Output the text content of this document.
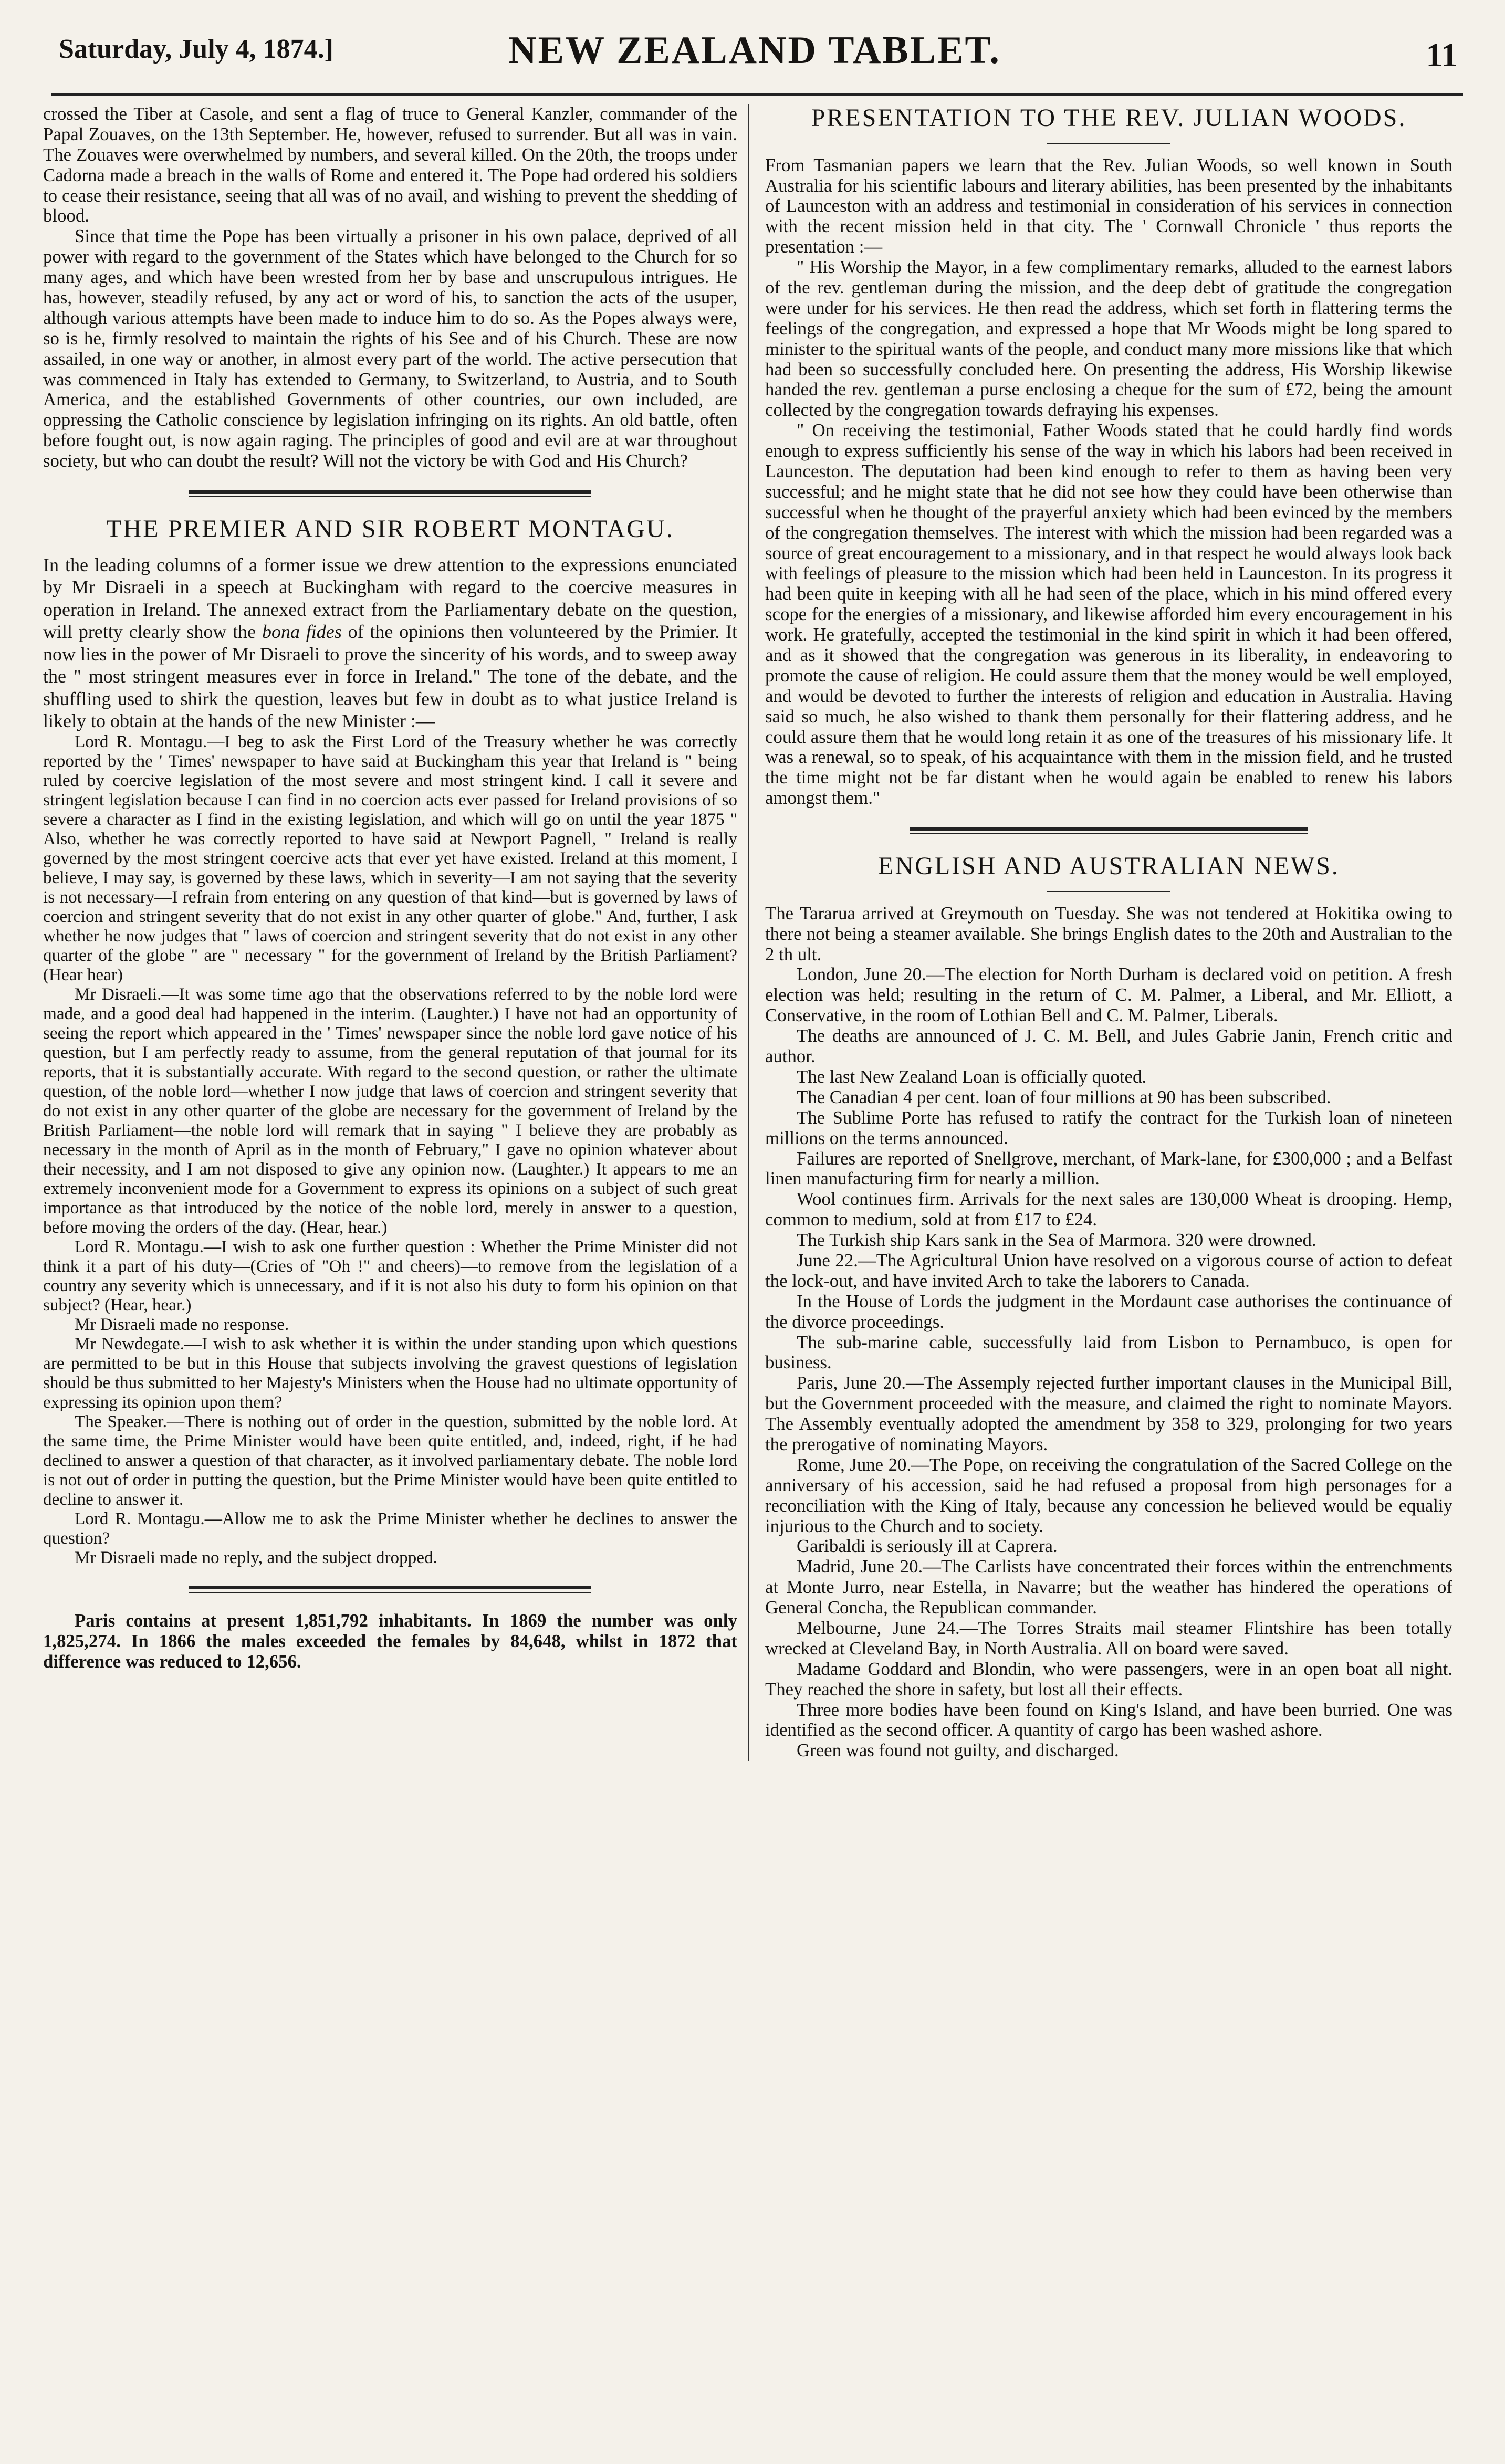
Saturday, July 4, 1874.]	NEW ZEALAND TABLET.	11

crossed the Tiber at Casole, and sent a flag of truce to General Kanzler, commander of the Papal Zouaves, on the 13th September. He, however, refused to surrender. But all was in vain. The Zouaves were overwhelmed by numbers, and several killed. On the 20th, the troops under Cadorna made a breach in the walls of Rome and entered it. The Pope had ordered his soldiers to cease their resistance, seeing that all was of no avail, and wishing to prevent the shedding of blood.

Since that time the Pope has been virtually a prisoner in his own palace, deprived of all power with regard to the government of the States which have belonged to the Church for so many ages, and which have been wrested from her by base and unscrupulous intrigues. He has, however, steadily refused, by any act or word of his, to sanction the acts of the usuper, although various attempts have been made to induce him to do so. As the Popes always were, so is he, firmly resolved to maintain the rights of his See and of his Church. These are now assailed, in one way or another, in almost every part of the world. The active persecution that was commenced in Italy has extended to Germany, to Switzerland, to Austria, and to South America, and the established Governments of other countries, our own included, are oppressing the Catholic conscience by legislation infringing on its rights. An old battle, often before fought out, is now again raging. The principles of good and evil are at war throughout society, but who can doubt the result? Will not the victory be with God and His Church?

THE PREMIER AND SIR ROBERT MONTAGU.

In the leading columns of a former issue we drew attention to the expressions enunciated by Mr Disraeli in a speech at Buckingham with regard to the coercive measures in operation in Ireland. The annexed extract from the Parliamentary debate on the question, will pretty clearly show the bona fides of the opinions then volunteered by the Primier. It now lies in the power of Mr Disraeli to prove the sincerity of his words, and to sweep away the " most stringent measures ever in force in Ireland." The tone of the debate, and the shuffling used to shirk the question, leaves but few in doubt as to what justice Ireland is likely to obtain at the hands of the new Minister :—

Lord R. Montagu.—I beg to ask the First Lord of the Treasury whether he was correctly reported by the ' Times' newspaper to have said at Buckingham this year that Ireland is " being ruled by coercive legislation of the most severe and most stringent kind. I call it severe and stringent legislation because I can find in no coercion acts ever passed for Ireland provisions of so severe a character as I find in the existing legislation, and which will go on until the year 1875 " Also, whether he was correctly reported to have said at Newport Pagnell, " Ireland is really governed by the most stringent coercive acts that ever yet have existed. Ireland at this moment, I believe, I may say, is governed by these laws, which in severity—I am not saying that the severity is not necessary—I refrain from entering on any question of that kind—but is governed by laws of coercion and stringent severity that do not exist in any other quarter of globe." And, further, I ask whether he now judges that " laws of coercion and stringent severity that do not exist in any other quarter of the globe " are " necessary " for the government of Ireland by the British Parliament? (Hear hear)

Mr Disraeli.—It was some time ago that the observations referred to by the noble lord were made, and a good deal had happened in the interim. (Laughter.) I have not had an opportunity of seeing the report which appeared in the ' Times' newspaper since the noble lord gave notice of his question, but I am perfectly ready to assume, from the general reputation of that journal for its reports, that it is substantially accurate. With regard to the second question, or rather the ultimate question, of the noble lord—whether I now judge that laws of coercion and stringent severity that do not exist in any other quarter of the globe are necessary for the government of Ireland by the British Parliament—the noble lord will remark that in saying " I believe they are probably as necessary in the month of April as in the month of February," I gave no opinion whatever about their necessity, and I am not disposed to give any opinion now. (Laughter.) It appears to me an extremely inconvenient mode for a Government to express its opinions on a subject of such great importance as that introduced by the notice of the noble lord, merely in answer to a question, before moving the orders of the day. (Hear, hear.)

Lord R. Montagu.—I wish to ask one further question : Whether the Prime Minister did not think it a part of his duty—(Cries of "Oh !" and cheers)—to remove from the legislation of a country any severity which is unnecessary, and if it is not also his duty to form his opinion on that subject? (Hear, hear.)

Mr Disraeli made no response.

Mr Newdegate.—I wish to ask whether it is within the under standing upon which questions are permitted to be but in this House that subjects involving the gravest questions of legislation should be thus submitted to her Majesty's Ministers when the House had no ultimate opportunity of expressing its opinion upon them?

The Speaker.—There is nothing out of order in the question, submitted by the noble lord. At the same time, the Prime Minister would have been quite entitled, and, indeed, right, if he had declined to answer a question of that character, as it involved parliamentary debate. The noble lord is not out of order in putting the question, but the Prime Minister would have been quite entitled to decline to answer it.

Lord R. Montagu.—Allow me to ask the Prime Minister whether he declines to answer the question?

Mr Disraeli made no reply, and the subject dropped.

Paris contains at present 1,851,792 inhabitants. In 1869 the number was only 1,825,274. In 1866 the males exceeded the females by 84,648, whilst in 1872 that difference was reduced to 12,656.

PRESENTATION TO THE REV. JULIAN WOODS.

From Tasmanian papers we learn that the Rev. Julian Woods, so well known in South Australia for his scientific labours and literary abilities, has been presented by the inhabitants of Launceston with an address and testimonial in consideration of his services in connection with the recent mission held in that city. The ' Cornwall Chronicle ' thus reports the presentation :—

" His Worship the Mayor, in a few complimentary remarks, alluded to the earnest labors of the rev. gentleman during the mission, and the deep debt of gratitude the congregation were under for his services. He then read the address, which set forth in flattering terms the feelings of the congregation, and expressed a hope that Mr Woods might be long spared to minister to the spiritual wants of the people, and conduct many more missions like that which had been so successfully concluded here. On presenting the address, His Worship likewise handed the rev. gentleman a purse enclosing a cheque for the sum of £72, being the amount collected by the congregation towards defraying his expenses.

" On receiving the testimonial, Father Woods stated that he could hardly find words enough to express sufficiently his sense of the way in which his labors had been received in Launceston. The deputation had been kind enough to refer to them as having been very successful; and he might state that he did not see how they could have been otherwise than successful when he thought of the prayerful anxiety which had been evinced by the members of the congregation themselves. The interest with which the mission had been regarded was a source of great encouragement to a missionary, and in that respect he would always look back with feelings of pleasure to the mission which had been held in Launceston. In its progress it had been quite in keeping with all he had seen of the place, which in his mind offered every scope for the energies of a missionary, and likewise afforded him every encouragement in his work. He gratefully, accepted the testimonial in the kind spirit in which it had been offered, and as it showed that the congregation was generous in its liberality, in endeavoring to promote the cause of religion. He could assure them that the money would be well employed, and would be devoted to further the interests of religion and education in Australia. Having said so much, he also wished to thank them personally for their flattering address, and he could assure them that he would long retain it as one of the treasures of his missionary life. It was a renewal, so to speak, of his acquaintance with them in the mission field, and he trusted the time might not be far distant when he would again be enabled to renew his labors amongst them."

ENGLISH AND AUSTRALIAN NEWS.

The Tararua arrived at Greymouth on Tuesday. She was not tendered at Hokitika owing to there not being a steamer available. She brings English dates to the 20th and Australian to the 2 th ult.

London, June 20.—The election for North Durham is declared void on petition. A fresh election was held; resulting in the return of C. M. Palmer, a Liberal, and Mr. Elliott, a Conservative, in the room of Lothian Bell and C. M. Palmer, Liberals.

The deaths are announced of J. C. M. Bell, and Jules Gabrie Janin, French critic and author.

The last New Zealand Loan is officially quoted.

The Canadian 4 per cent. loan of four millions at 90 has been subscribed.

The Sublime Porte has refused to ratify the contract for the Turkish loan of nineteen millions on the terms announced.

Failures are reported of Snellgrove, merchant, of Mark-lane, for £300,000 ; and a Belfast linen manufacturing firm for nearly a million.

Wool continues firm. Arrivals for the next sales are 130,000 Wheat is drooping. Hemp, common to medium, sold at from £17 to £24.

The Turkish ship Kars sank in the Sea of Marmora. 320 were drowned.

June 22.—The Agricultural Union have resolved on a vigorous course of action to defeat the lock-out, and have invited Arch to take the laborers to Canada.

In the House of Lords the judgment in the Mordaunt case authorises the continuance of the divorce proceedings.

The sub-marine cable, successfully laid from Lisbon to Pernambuco, is open for business.

Paris, June 20.—The Assemply rejected further important clauses in the Municipal Bill, but the Government proceeded with the measure, and claimed the right to nominate Mayors. The Assembly eventually adopted the amendment by 358 to 329, prolonging for two years the prerogative of nominating Mayors.

Rome, June 20.—The Pope, on receiving the congratulation of the Sacred College on the anniversary of his accession, said he had refused a proposal from high personages for a reconciliation with the King of Italy, because any concession he believed would be equaliy injurious to the Church and to society.

Garibaldi is seriously ill at Caprera.

Madrid, June 20.—The Carlists have concentrated their forces within the entrenchments at Monte Jurro, near Estella, in Navarre; but the weather has hindered the operations of General Concha, the Republican commander.

Melbourne, June 24.—The Torres Straits mail steamer Flintshire has been totally wrecked at Cleveland Bay, in North Australia. All on board were saved.

Madame Goddard and Blondin, who were passengers, were in an open boat all night. They reached the shore in safety, but lost all their effects.

Three more bodies have been found on King's Island, and have been burried. One was identified as the second officer. A quantity of cargo has been washed ashore.

Green was found not guilty, and discharged.
